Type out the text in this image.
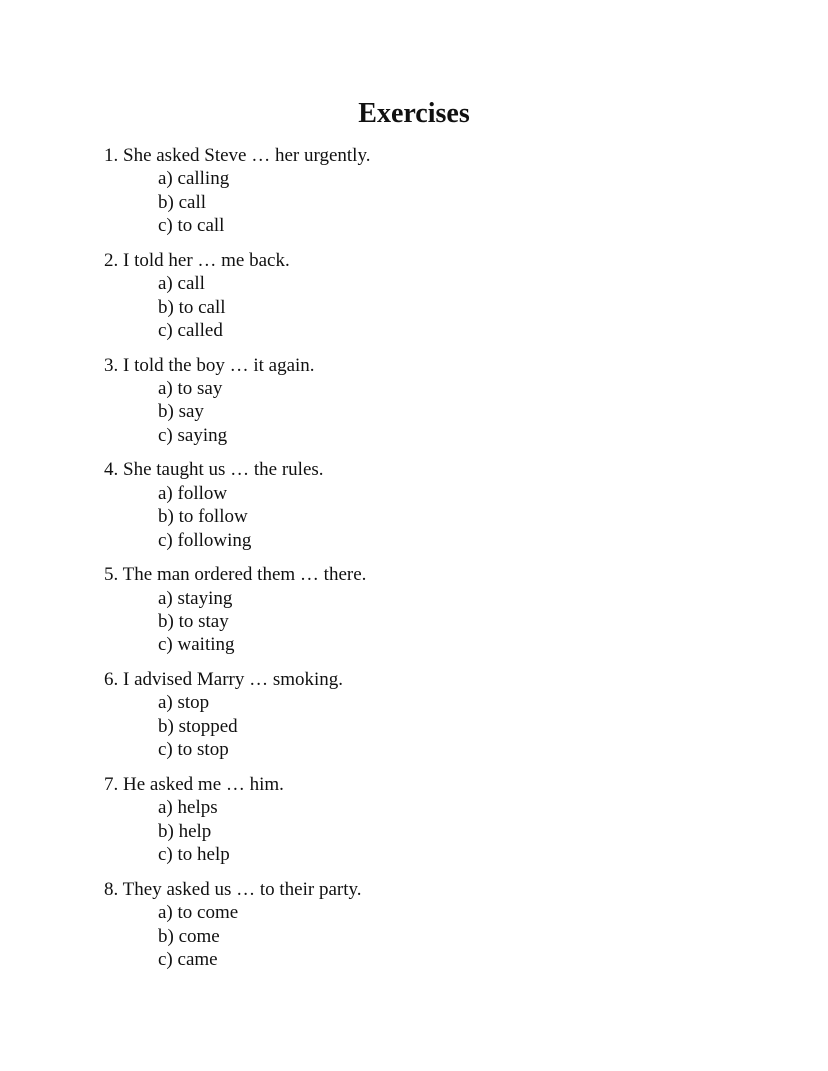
Exercises
1. She asked Steve … her urgently.
a) calling
b) call
c) to call
2. I told her … me back.
a) call
b) to call
c) called
3. I told the boy … it again.
a) to say
b) say
c) saying
4. She taught us … the rules.
a) follow
b) to follow
c) following
5. The man ordered them … there.
a) staying
b) to stay
c) waiting
6. I advised Marry … smoking.
a) stop
b) stopped
c) to stop
7. He asked me … him.
a) helps
b) help
c) to help
8. They asked us … to their party.
a) to come
b) come
c) came
